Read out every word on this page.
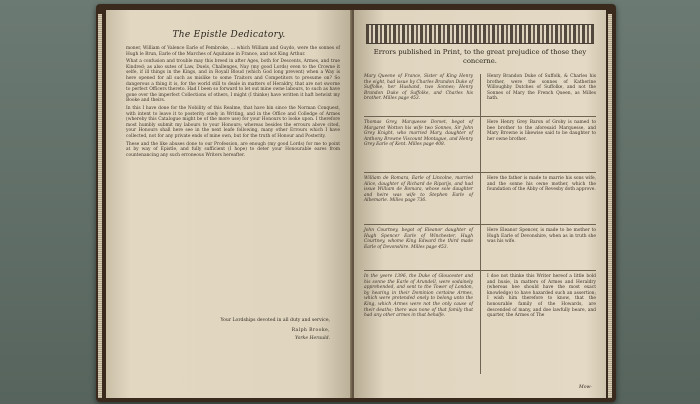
The Epistle Dedicatory.

moner, William of Valence Earle of Pembroke, ... which William and Guydo, were the sonnes of Hugh le Brun, Earle of the Marches of Aquitaine in France, and not King Arthur.

What a confusion and trouble may this breed in after Ages, both for Descents, Armes, and true Kindred; as also sutes of Law, Duels, Challenges, Nay (my good Lords) even to the Crowne it selfe, if ill things in the Kings, and in Royall Bloud (which God long prevent) when a Way is here opened for all such as mislike to some Traitors and Competitors to presume on? So dangerous a thing it is, for the world still to deale in matters of Heraldry, that are not sworne to perfect Officers thereto. Had I been so forward to let out mine owne labours, to such as have gone over the imperfect Collections of others, I might (I thinke) have written it haft betwixt my Booke and theirs.

In this I have done for the Nobility of this Realme, that have bin since the Norman Conquest, with intent to leave it to posterity onely in Writing, and in the Office and Colledge of Armes (whereby this Catalogue might be of the more use) for your Honours to looke upon. I therefore most humbly submit my labours to your Honours; whereas besides the errours above cited, your Honours shall here see in the next leafe following, many other Errours which I have collected, not for any private ends of mine own, but for the truth of Honour and Posterity.

These and the like abuses done to our Profession, are enough (my good Lords) for me to point at by way of Epistle, and fully sufficient (I hope) to deter your Honourable eares from countenancing any such erroneous Writers hereafter.

Your Lordships devoted in all duty and service,
Ralph Brooke,
Yorke Herauld.
Errors published in Print, to the great prejudice of those they concerne.
Mary Queene of France, Sister of King Henry the eight, had issue by Charles Brandon Duke of Suffolke, her Husband, two Sonnes; Henry Brandon Duke of Suffolke, and Charles his brother. Milles page 453.
Henry Brandon Duke of Suffolk, & Charles his brother, were the sonnes of Katherine Willoughby Dutches of Suffolke, and not the Sonnes of Mary the French Queen, as Milles hath.
Thomas Grey, Marquesse Dorset, begot of Margaret Wotton his wife two Sonnes, Sir John Grey Knight, who married Mary, daughter of Anthony Browne Viscount Montague, and Henry Grey Earle of Kent. Milles page 408.
Here Henry Grey Baron of Groby is named to bee brother to the aforesaid Marquesse, and Mary Browne is likewise said to be daughter to her owne brother.
William de Romara, Earle of Lincolne, married Alice, daughter of Richard de Riparijs, and had issue William de Romara, whose sole daughter and heire was wife to Stephen Earle of Albemarle. Milles page 736.
Here the father is made to marrie his sons wife, and the sonne his owne mother, which the foundation of the Abby of Revesby doth approve.
John Courtney, begot of Eleanor daughter of Hugh Spencer Earle of Winchester, Hugh Courtney, whome King Edward the third made Earle of Devonshire. Milles page 453.
Here Eleanor Spencer, is made to be mother to Hugh Earle of Devonshire, when as in truth she was his wife.
In the yeere 1396, the Duke of Gloucester and his sonne the Earle of Arundell, were sodainely apprehended, and sent to the Tower of London, by hearing in their Dominion certaine Armes, which were pretended onely to belong unto the King, which Armes were not the only cause of their deaths; there was none of that family that had any other armes in that behalfe.
I doe not thinke this Writer hereof a little bold and busie, in matters of Armes and Heraldry (whereas hee should have the most exact knowledge) to have hazarded such an assertion; I wish him therefore to know, that the honourable family of the Howards, are descended of many, and doe lawfully beare, and quarter, the Armes of The
Mow-
